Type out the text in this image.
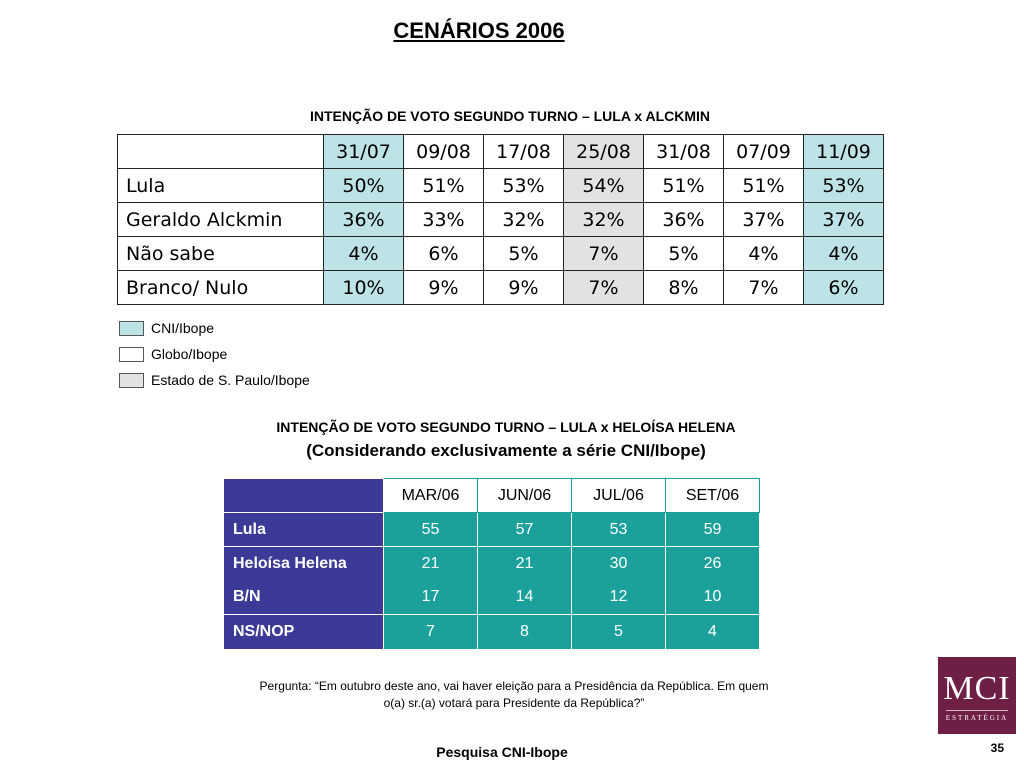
CENÁRIOS 2006
INTENÇÃO DE VOTO SEGUNDO TURNO – LULA x ALCKMIN
	31/07	09/08	17/08	25/08	31/08	07/09	11/09
Lula	50%	51%	53%	54%	51%	51%	53%
Geraldo Alckmin	36%	33%	32%	32%	36%	37%	37%
Não sabe	4%	6%	5%	7%	5%	4%	4%
Branco/ Nulo	10%	9%	9%	7%	8%	7%	6%
CNI/Ibope
Globo/Ibope
Estado de S. Paulo/Ibope
INTENÇÃO DE VOTO SEGUNDO TURNO – LULA x HELOÍSA HELENA
(Considerando exclusivamente a série CNI/Ibope)
	MAR/06	JUN/06	JUL/06	SET/06
Lula	55	57	53	59
Heloísa Helena	21	21	30	26
B/N	17	14	12	10
NS/NOP	7	8	5	4
Pergunta: “Em outubro deste ano, vai haver eleição para a Presidência da República. Em quem o(a) sr.(a) votará para Presidente da República?”
Pesquisa CNI-Ibope	35
MCI
ESTRATÉGIA
